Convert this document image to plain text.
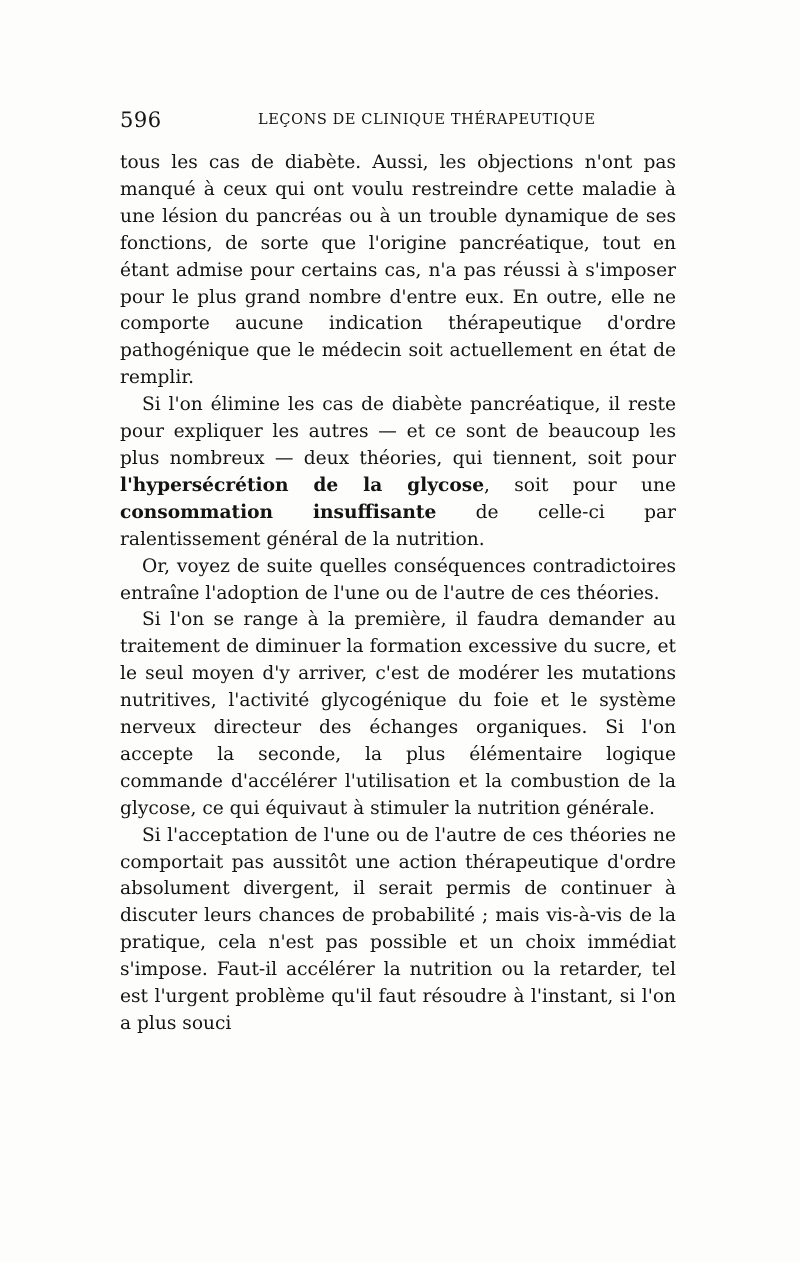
596	LEÇONS DE CLINIQUE THÉRAPEUTIQUE

tous les cas de diabète. Aussi, les objections n'ont pas manqué à ceux qui ont voulu restreindre cette maladie à une lésion du pancréas ou à un trouble dynamique de ses fonctions, de sorte que l'origine pancréatique, tout en étant admise pour certains cas, n'a pas réussi à s'imposer pour le plus grand nombre d'entre eux. En outre, elle ne comporte aucune indication thérapeutique d'ordre pathogénique que le médecin soit actuellement en état de remplir.

Si l'on élimine les cas de diabète pancréatique, il reste pour expliquer les autres — et ce sont de beaucoup les plus nombreux — deux théories, qui tiennent, soit pour l'hypersécrétion de la glycose, soit pour une consommation insuffisante de celle-ci par ralentissement général de la nutrition.

Or, voyez de suite quelles conséquences contradictoires entraîne l'adoption de l'une ou de l'autre de ces théories.

Si l'on se range à la première, il faudra demander au traitement de diminuer la formation excessive du sucre, et le seul moyen d'y arriver, c'est de modérer les mutations nutritives, l'activité glycogénique du foie et le système nerveux directeur des échanges organiques. Si l'on accepte la seconde, la plus élémentaire logique commande d'accélérer l'utilisation et la combustion de la glycose, ce qui équivaut à stimuler la nutrition générale.

Si l'acceptation de l'une ou de l'autre de ces théories ne comportait pas aussitôt une action thérapeutique d'ordre absolument divergent, il serait permis de continuer à discuter leurs chances de probabilité ; mais vis-à-vis de la pratique, cela n'est pas possible et un choix immédiat s'impose. Faut-il accélérer la nutrition ou la retarder, tel est l'urgent problème qu'il faut résoudre à l'instant, si l'on a plus souci
